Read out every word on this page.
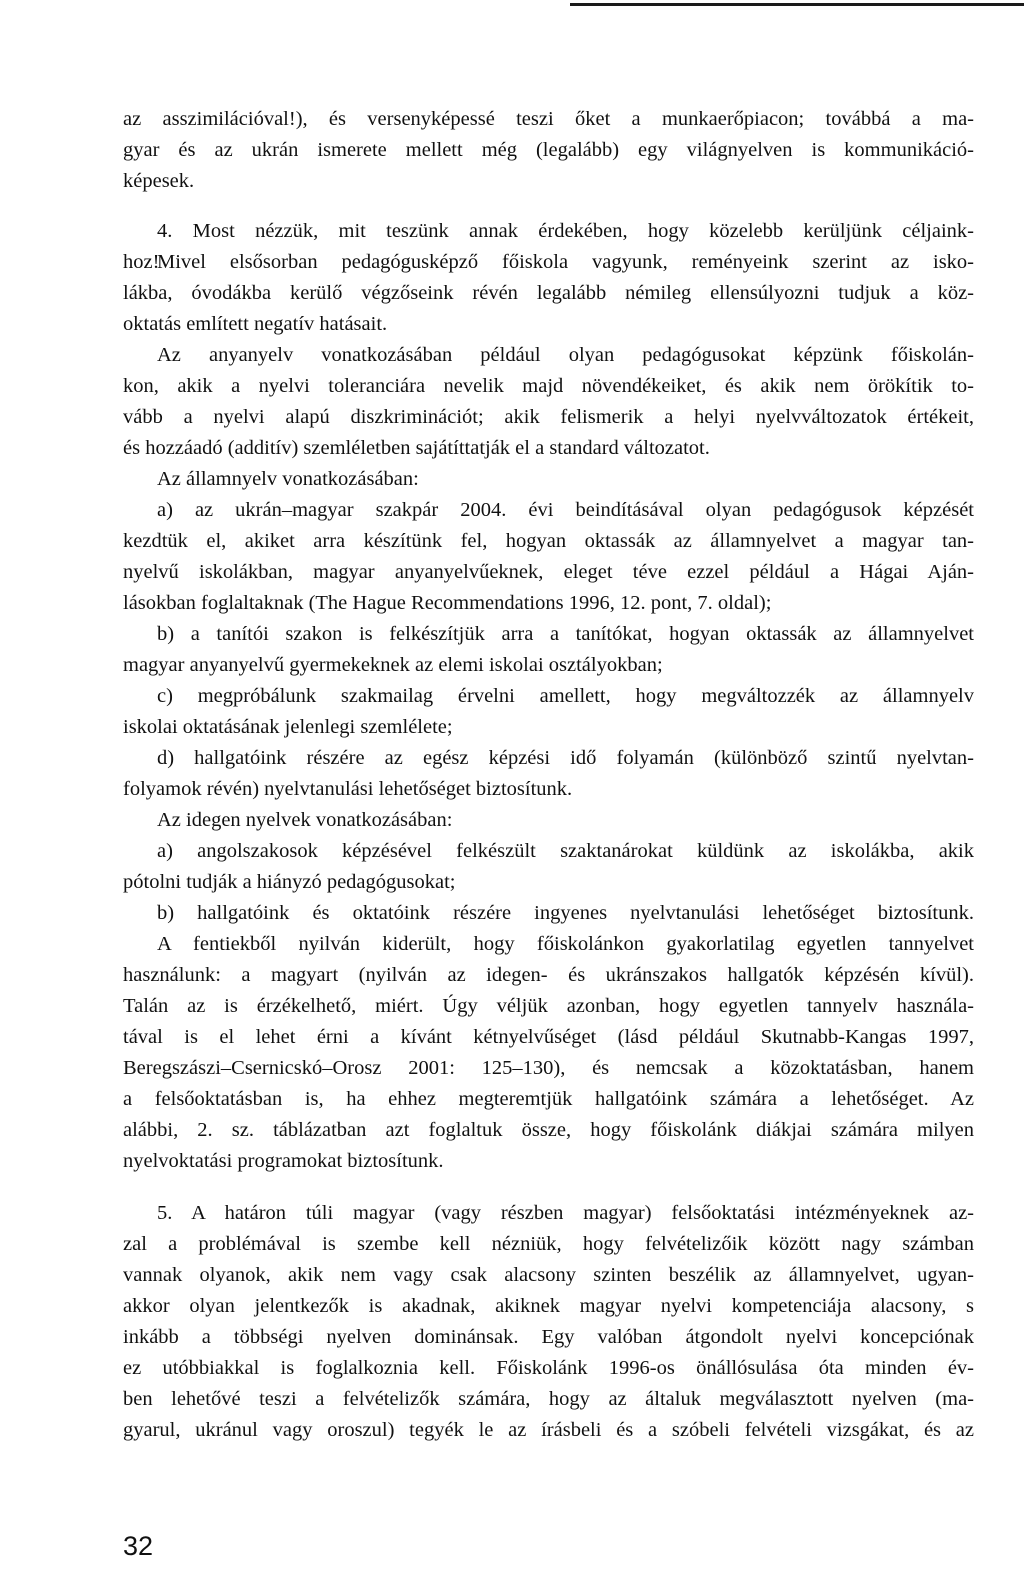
az asszimilációval!), és versenyképessé teszi őket a munkaerőpiacon; továbbá a ma-
gyar és az ukrán ismerete mellett még (legalább) egy világnyelven is kommunikáció-
képesek.
4. Most nézzük, mit teszünk annak érdekében, hogy közelebb kerüljünk céljaink-
hoz!
Mivel elsősorban pedagógusképző főiskola vagyunk, reményeink szerint az isko-
lákba, óvodákba kerülő végzőseink révén legalább némileg ellensúlyozni tudjuk a köz-
oktatás említett negatív hatásait.
Az anyanyelv vonatkozásában például olyan pedagógusokat képzünk főiskolán-
kon, akik a nyelvi toleranciára nevelik majd növendékeiket, és akik nem örökítik to-
vább a nyelvi alapú diszkriminációt; akik felismerik a helyi nyelvváltozatok értékeit,
és hozzáadó (additív) szemléletben sajátíttatják el a standard változatot.
Az államnyelv vonatkozásában:
a) az ukrán–magyar szakpár 2004. évi beindításával olyan pedagógusok képzését
kezdtük el, akiket arra készítünk fel, hogyan oktassák az államnyelvet a magyar tan-
nyelvű iskolákban, magyar anyanyelvűeknek, eleget téve ezzel például a Hágai Aján-
lásokban foglaltaknak (The Hague Recommendations 1996, 12. pont, 7. oldal);
b) a tanítói szakon is felkészítjük arra a tanítókat, hogyan oktassák az államnyelvet
magyar anyanyelvű gyermekeknek az elemi iskolai osztályokban;
c) megpróbálunk szakmailag érvelni amellett, hogy megváltozzék az államnyelv
iskolai oktatásának jelenlegi szemlélete;
d) hallgatóink részére az egész képzési idő folyamán (különböző szintű nyelvtan-
folyamok révén) nyelvtanulási lehetőséget biztosítunk.
Az idegen nyelvek vonatkozásában:
a) angolszakosok képzésével felkészült szaktanárokat küldünk az iskolákba, akik
pótolni tudják a hiányzó pedagógusokat;
b) hallgatóink és oktatóink részére ingyenes nyelvtanulási lehetőséget biztosítunk.
A fentiekből nyilván kiderült, hogy főiskolánkon gyakorlatilag egyetlen tannyelvet
használunk: a magyart (nyilván az idegen- és ukránszakos hallgatók képzésén kívül).
Talán az is érzékelhető, miért. Úgy véljük azonban, hogy egyetlen tannyelv használa-
tával is el lehet érni a kívánt kétnyelvűséget (lásd például Skutnabb-Kangas 1997,
Beregszászi–Csernicskó–Orosz 2001: 125–130), és nemcsak a közoktatásban, hanem
a felsőoktatásban is, ha ehhez megteremtjük hallgatóink számára a lehetőséget. Az
alábbi, 2. sz. táblázatban azt foglaltuk össze, hogy főiskolánk diákjai számára milyen
nyelvoktatási programokat biztosítunk.
5. A határon túli magyar (vagy részben magyar) felsőoktatási intézményeknek az-
zal a problémával is szembe kell nézniük, hogy felvételizőik között nagy számban
vannak olyanok, akik nem vagy csak alacsony szinten beszélik az államnyelvet, ugyan-
akkor olyan jelentkezők is akadnak, akiknek magyar nyelvi kompetenciája alacsony, s
inkább a többségi nyelven dominánsak. Egy valóban átgondolt nyelvi koncepciónak
ez utóbbiakkal is foglalkoznia kell. Főiskolánk 1996-os önállósulása óta minden év-
ben lehetővé teszi a felvételizők számára, hogy az általuk megválasztott nyelven (ma-
gyarul, ukránul vagy oroszul) tegyék le az írásbeli és a szóbeli felvételi vizsgákat, és az
32
